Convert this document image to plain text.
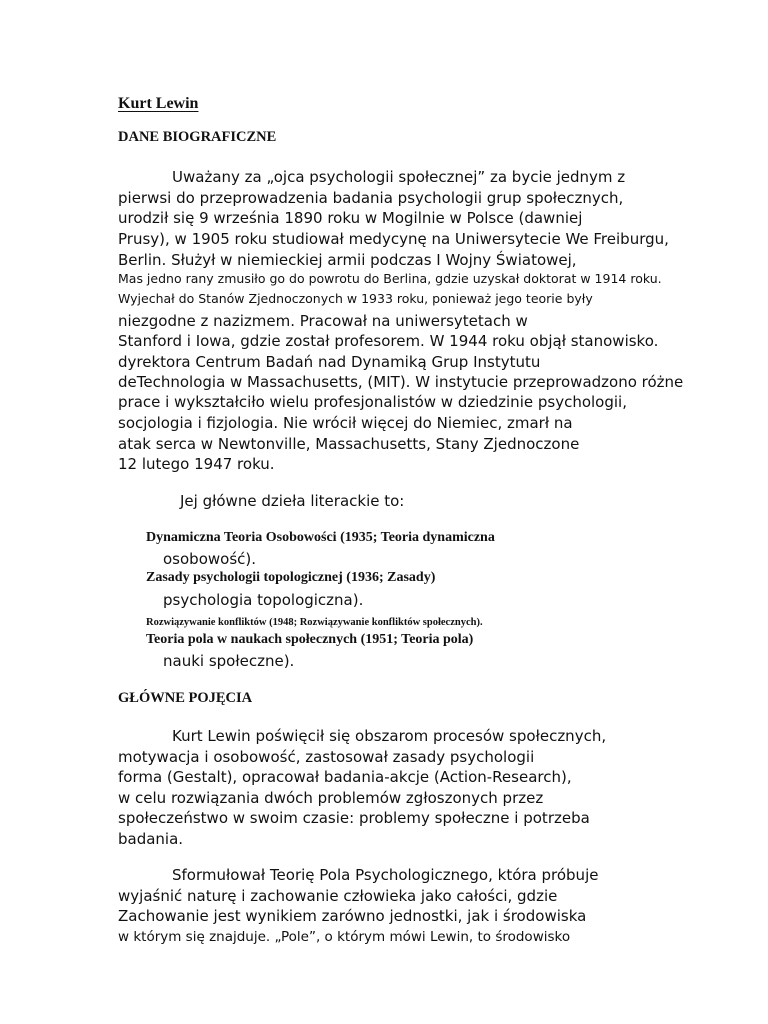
Kurt Lewin
DANE BIOGRAFICZNE
Uważany za „ojca psychologii społecznej” za bycie jednym z
pierwsi do przeprowadzenia badania psychologii grup społecznych,
urodził się 9 września 1890 roku w Mogilnie w Polsce (dawniej
Prusy), w 1905 roku studiował medycynę na Uniwersytecie We Freiburgu,
Berlin. Służył w niemieckiej armii podczas I Wojny Światowej,
Mas jedno rany zmusiło go do powrotu do Berlina, gdzie uzyskał doktorat w 1914 roku.
Wyjechał do Stanów Zjednoczonych w 1933 roku, ponieważ jego teorie były
niezgodne z nazizmem. Pracował na uniwersytetach w
Stanford i Iowa, gdzie został profesorem. W 1944 roku objął stanowisko.
dyrektora Centrum Badań nad Dynamiką Grup Instytutu
deTechnologia w Massachusetts, (MIT). W instytucie przeprowadzono różne
prace i wykształciło wielu profesjonalistów w dziedzinie psychologii,
socjologia i fizjologia. Nie wrócił więcej do Niemiec, zmarł na
atak serca w Newtonville, Massachusetts, Stany Zjednoczone
12 lutego 1947 roku.
Jej główne dzieła literackie to:
Dynamiczna Teoria Osobowości (1935; Teoria dynamiczna
osobowość).
Zasady psychologii topologicznej (1936; Zasady)
psychologia topologiczna).
Rozwiązywanie konfliktów (1948; Rozwiązywanie konfliktów społecznych).
Teoria pola w naukach społecznych (1951; Teoria pola)
nauki społeczne).
GŁÓWNE POJĘCIA
Kurt Lewin poświęcił się obszarom procesów społecznych,
motywacja i osobowość, zastosował zasady psychologii
forma (Gestalt), opracował badania-akcje (Action-Research),
w celu rozwiązania dwóch problemów zgłoszonych przez
społeczeństwo w swoim czasie: problemy społeczne i potrzeba
badania.
Sformułował Teorię Pola Psychologicznego, która próbuje
wyjaśnić naturę i zachowanie człowieka jako całości, gdzie
Zachowanie jest wynikiem zarówno jednostki, jak i środowiska
w którym się znajduje. „Pole”, o którym mówi Lewin, to środowisko
